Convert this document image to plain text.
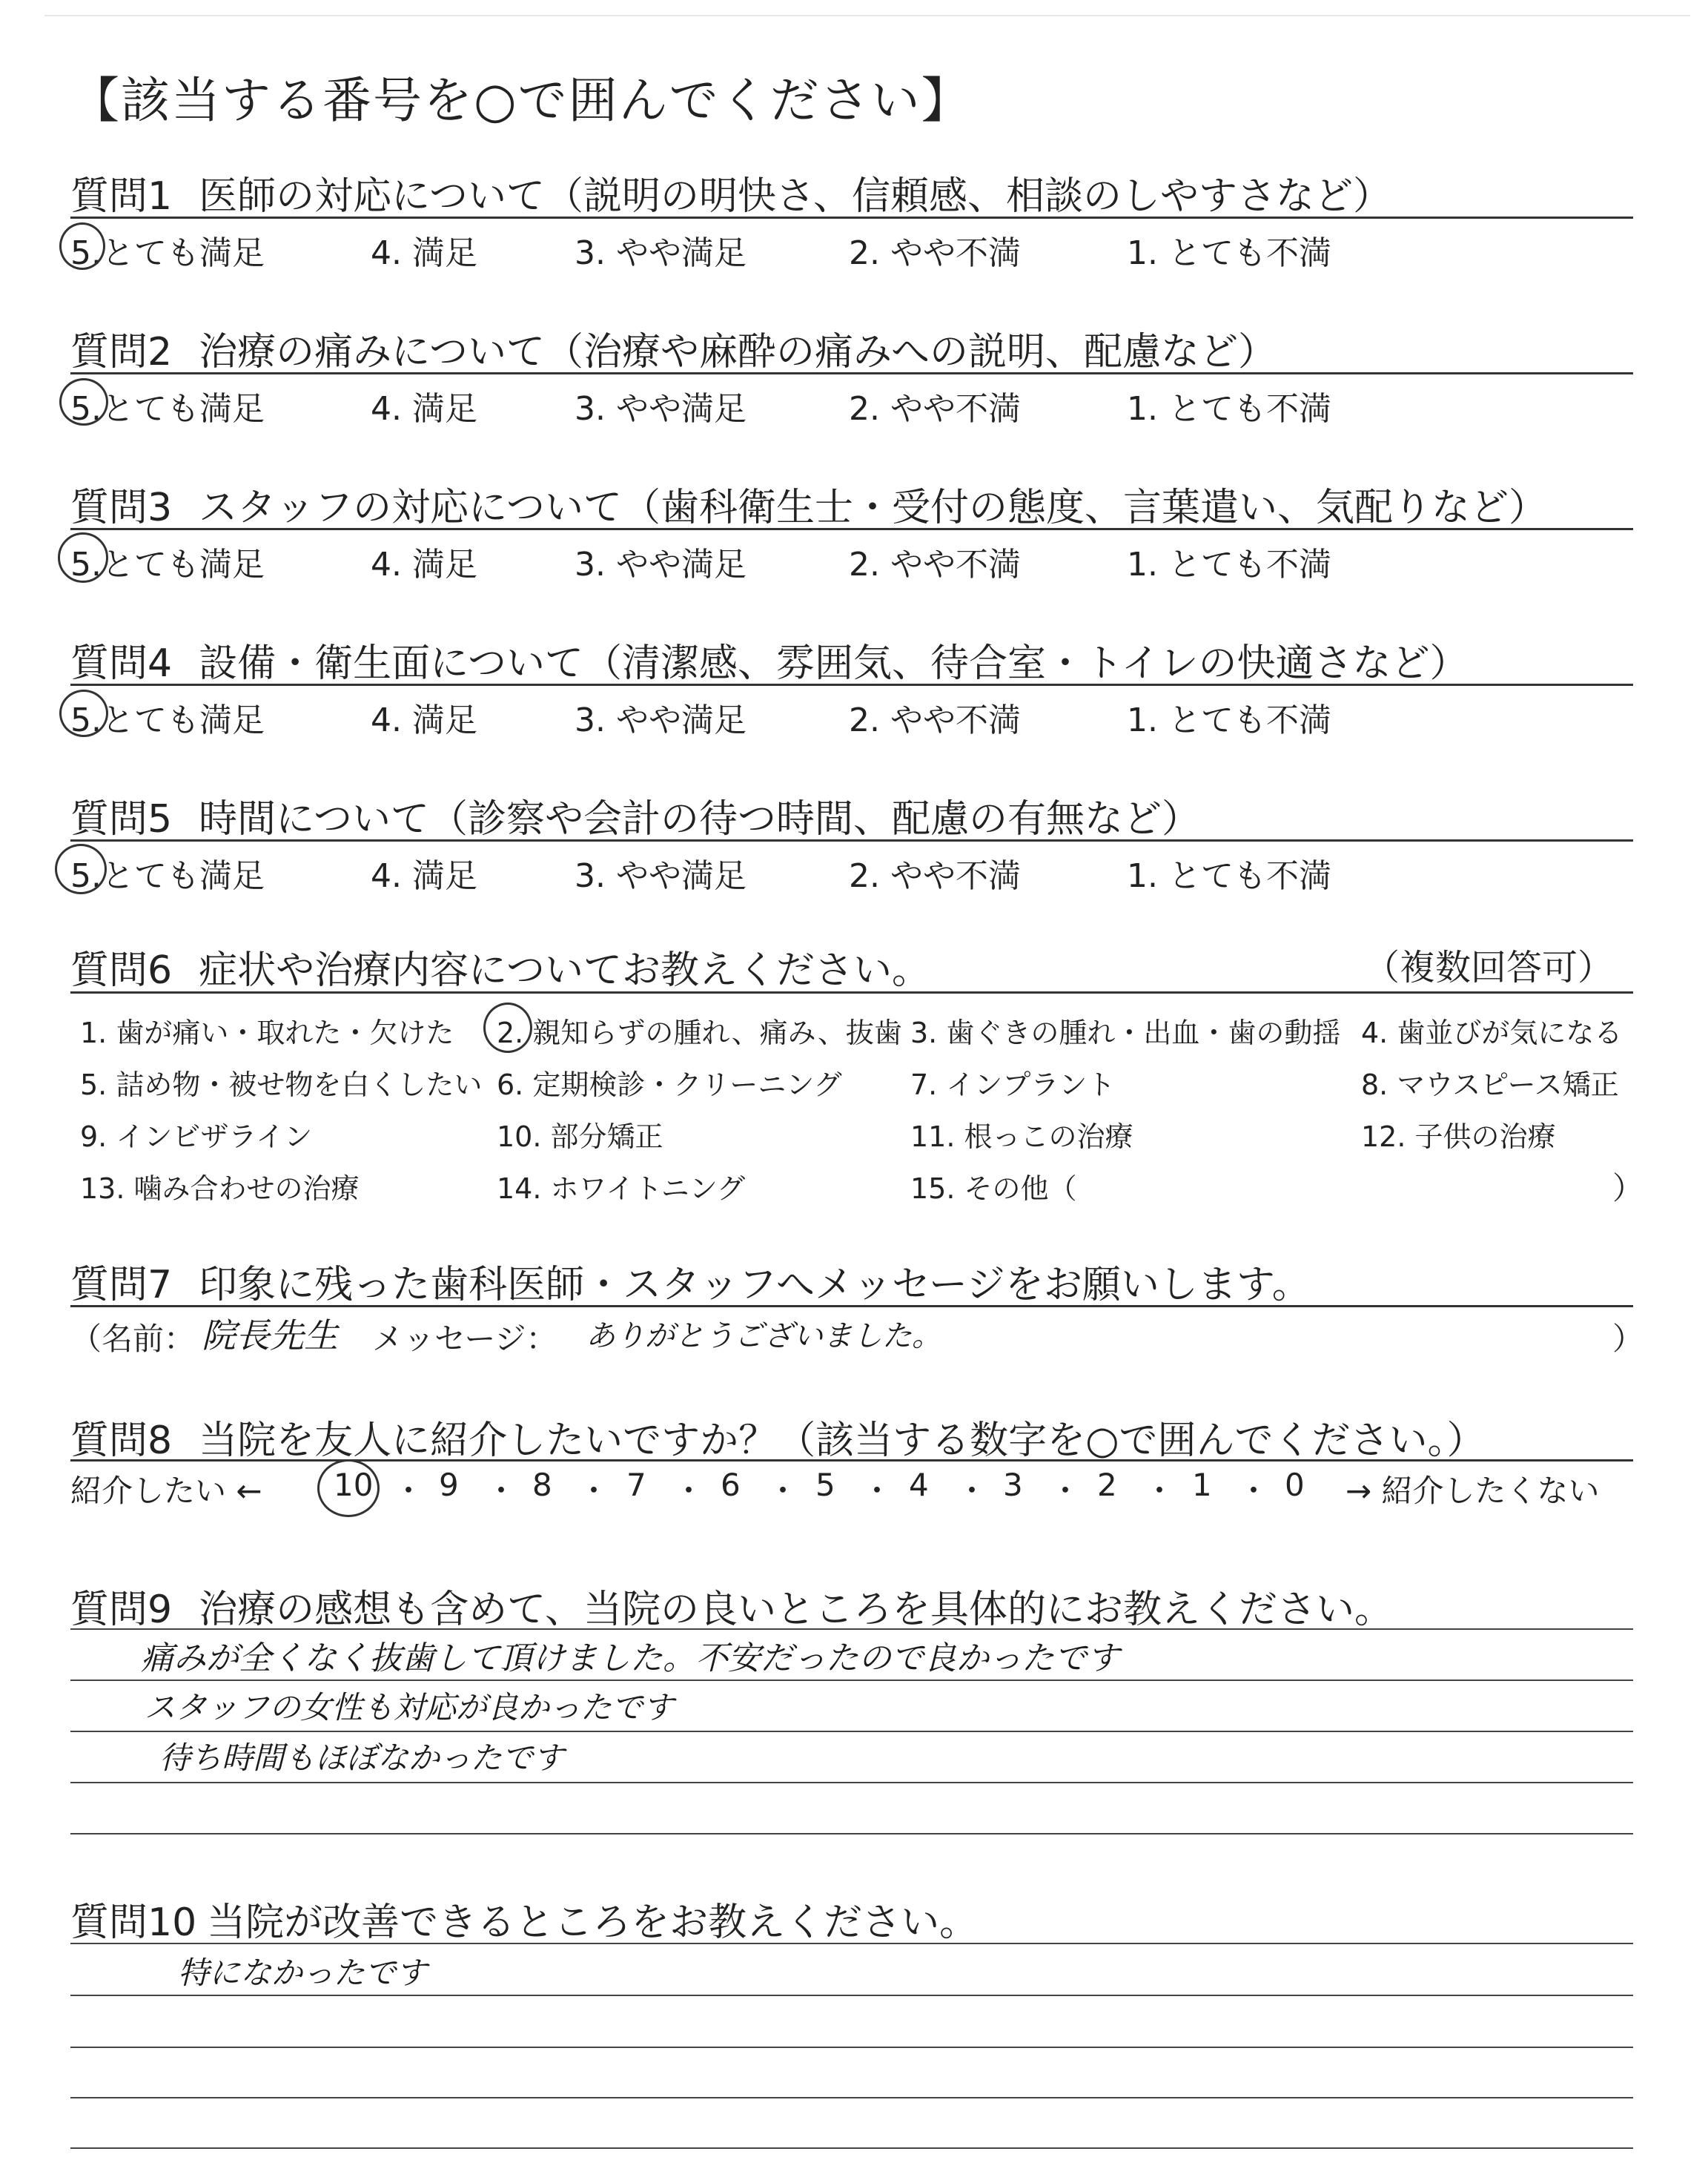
【該当する番号を○で囲んでください】
質問1 医師の対応について（説明の明快さ、信頼感、相談のしやすさなど）
5.とても満足	4. 満足	3. やや満足	2. やや不満	1. とても不満
質問2 治療の痛みについて（治療や麻酔の痛みへの説明、配慮など）
5.とても満足	4. 満足	3. やや満足	2. やや不満	1. とても不満
質問3 スタッフの対応について（歯科衛生士・受付の態度、言葉遣い、気配りなど）
5.とても満足	4. 満足	3. やや満足	2. やや不満	1. とても不満
質問4 設備・衛生面について（清潔感、雰囲気、待合室・トイレの快適さなど）
5.とても満足	4. 満足	3. やや満足	2. やや不満	1. とても不満
質問5 時間について（診察や会計の待つ時間、配慮の有無など）
5.とても満足	4. 満足	3. やや満足	2. やや不満	1. とても不満
質問6 症状や治療内容についてお教えください。	（複数回答可）
1. 歯が痛い・取れた・欠けた 2. 親知らずの腫れ、痛み、抜歯 3. 歯ぐきの腫れ・出血・歯の動揺 4. 歯並びが気になる
5. 詰め物・被せ物を白くしたい 6. 定期検診・クリーニング 7. インプラント	8. マウスピース矯正
9. インビザライン	10. 部分矯正	11. 根っこの治療	12. 子供の治療
13. 噛み合わせの治療	14. ホワイトニング	15. その他（	）
質問7 印象に残った歯科医師・スタッフへメッセージをお願いします。
（名前： 院長先生 メッセージ： ありがとうございました。	）
質問8 当院を友人に紹介したいですか？（該当する数字を○で囲んでください。）
紹介したい ← 10 ・ 9 ・ 8 ・ 7 ・ 6 ・ 5 ・ 4 ・ 3 ・ 2 ・ 1 ・ 0 → 紹介したくない
質問9 治療の感想も含めて、当院の良いところを具体的にお教えください。
痛みが全くなく抜歯して頂けました。不安だったので良かったです
スタッフの女性も対応が良かったです
待ち時間もほぼなかったです
質問10 当院が改善できるところをお教えください。
特になかったです
